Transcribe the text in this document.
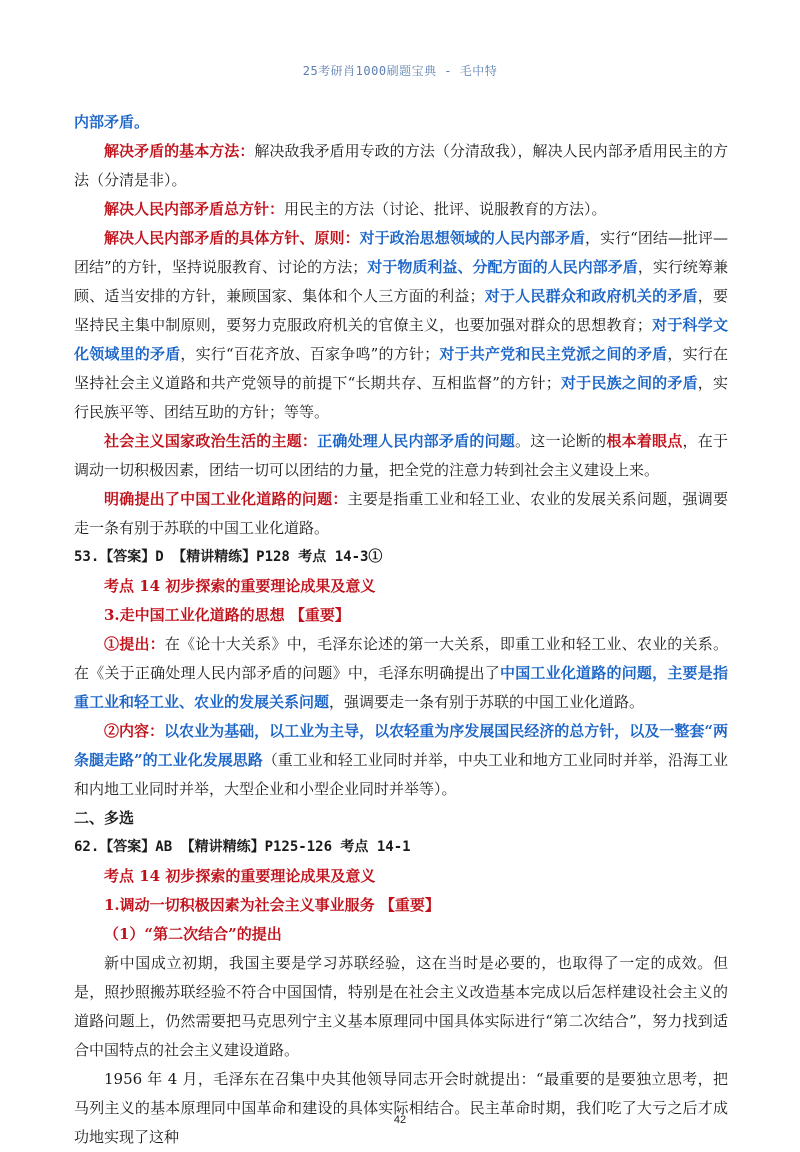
25考研肖1000刷题宝典 - 毛中特

内部矛盾。

解决矛盾的基本方法：解决敌我矛盾用专政的方法（分清敌我），解决人民内部矛盾用民主的方法（分清是非）。

解决人民内部矛盾总方针：用民主的方法（讨论、批评、说服教育的方法）。

解决人民内部矛盾的具体方针、原则：对于政治思想领域的人民内部矛盾，实行“团结—批评—团结”的方针，坚持说服教育、讨论的方法；对于物质利益、分配方面的人民内部矛盾，实行统筹兼顾、适当安排的方针，兼顾国家、集体和个人三方面的利益；对于人民群众和政府机关的矛盾，要坚持民主集中制原则，要努力克服政府机关的官僚主义，也要加强对群众的思想教育；对于科学文化领域里的矛盾，实行“百花齐放、百家争鸣”的方针；对于共产党和民主党派之间的矛盾，实行在坚持社会主义道路和共产党领导的前提下“长期共存、互相监督”的方针；对于民族之间的矛盾，实行民族平等、团结互助的方针；等等。

社会主义国家政治生活的主题：正确处理人民内部矛盾的问题。这一论断的根本着眼点，在于调动一切积极因素，团结一切可以团结的力量，把全党的注意力转到社会主义建设上来。

明确提出了中国工业化道路的问题：主要是指重工业和轻工业、农业的发展关系问题，强调要走一条有别于苏联的中国工业化道路。

53.【答案】D 【精讲精练】P128 考点 14-3①

考点 14 初步探索的重要理论成果及意义

3.走中国工业化道路的思想 【重要】

①提出：在《论十大关系》中，毛泽东论述的第一大关系，即重工业和轻工业、农业的关系。在《关于正确处理人民内部矛盾的问题》中，毛泽东明确提出了中国工业化道路的问题，主要是指重工业和轻工业、农业的发展关系问题，强调要走一条有别于苏联的中国工业化道路。

②内容：以农业为基础，以工业为主导，以农轻重为序发展国民经济的总方针，以及一整套“两条腿走路”的工业化发展思路（重工业和轻工业同时并举，中央工业和地方工业同时并举，沿海工业和内地工业同时并举，大型企业和小型企业同时并举等）。

二、多选

62.【答案】AB 【精讲精练】P125-126 考点 14-1

考点 14 初步探索的重要理论成果及意义

1.调动一切积极因素为社会主义事业服务 【重要】

（1）“第二次结合”的提出

新中国成立初期，我国主要是学习苏联经验，这在当时是必要的，也取得了一定的成效。但是，照抄照搬苏联经验不符合中国国情，特别是在社会主义改造基本完成以后怎样建设社会主义的道路问题上，仍然需要把马克思列宁主义基本原理同中国具体实际进行“第二次结合”，努力找到适合中国特点的社会主义建设道路。

1956 年 4 月，毛泽东在召集中央其他领导同志开会时就提出：“最重要的是要独立思考，把马列主义的基本原理同中国革命和建设的具体实际相结合。民主革命时期，我们吃了大亏之后才成功地实现了这种

42
